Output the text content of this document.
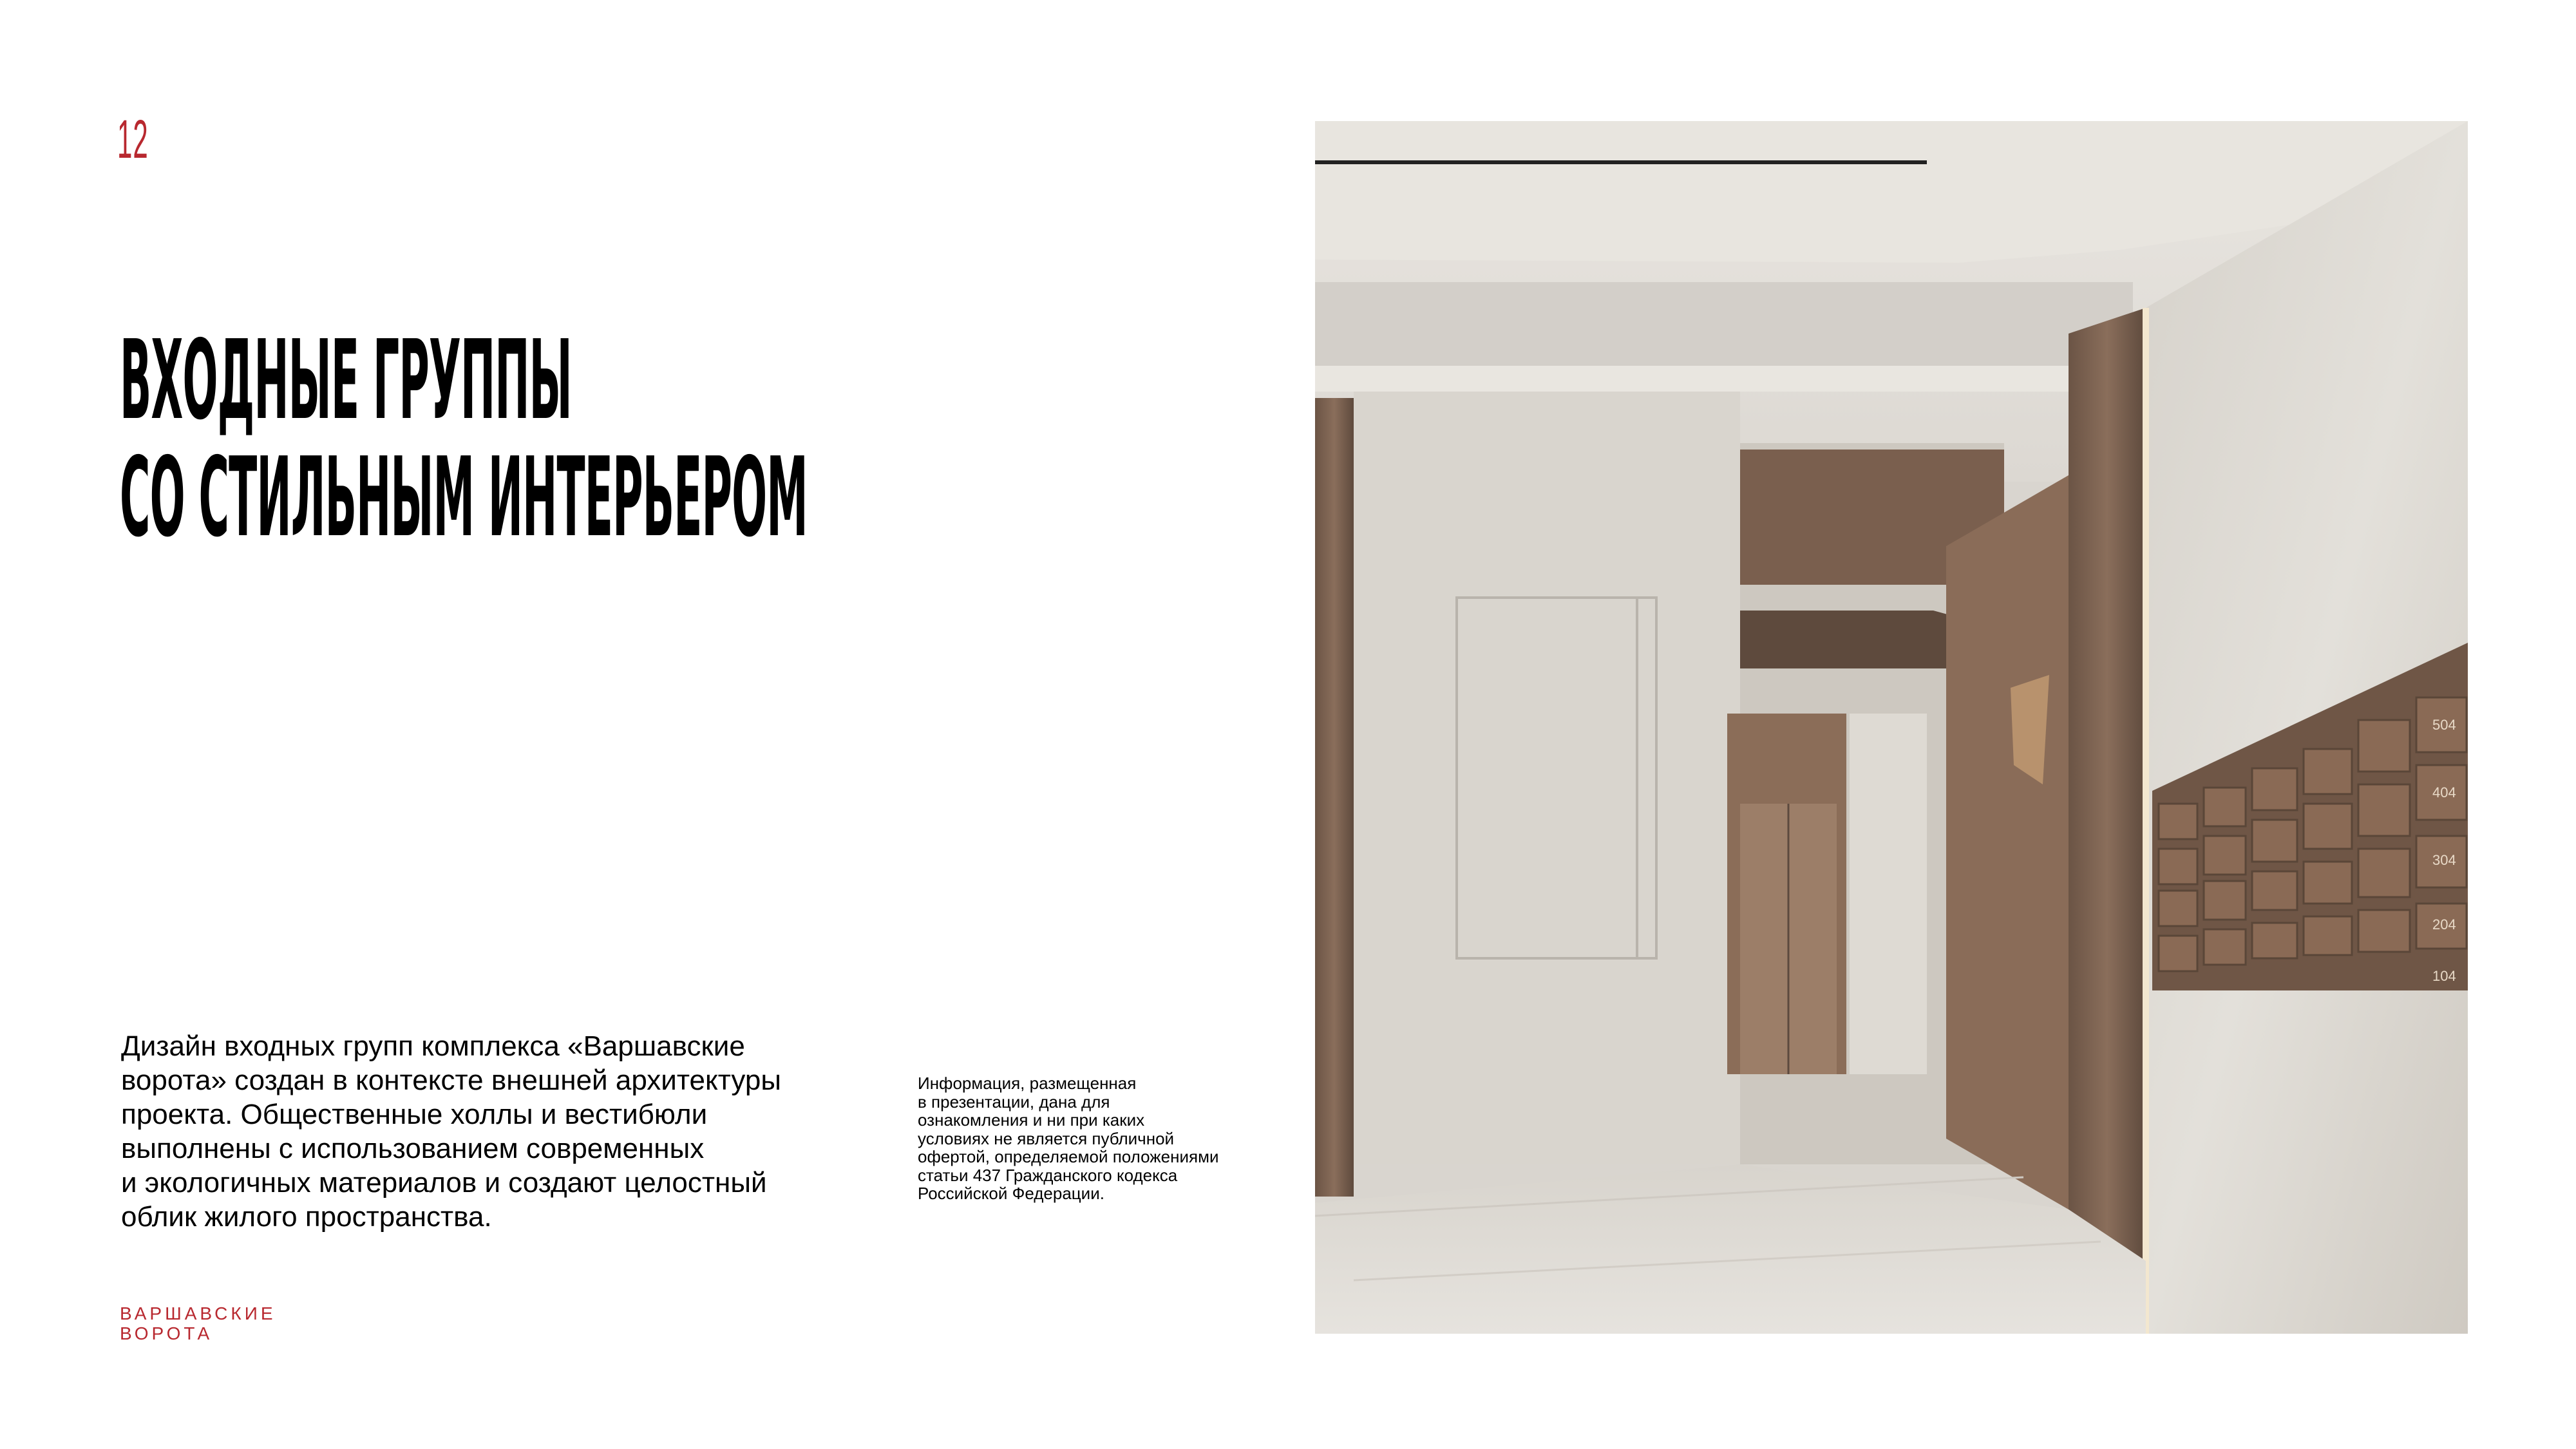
12
ВХОДНЫЕ ГРУППЫ
СО СТИЛЬНЫМ ИНТЕРЬЕРОМ
Дизайн входных групп комплекса «Варшавские
ворота» создан в контексте внешней архитектуры
проекта. Общественные холлы и вестибюли
выполнены с использованием современных
и экологичных материалов и создают целостный
облик жилого пространства.
Информация, размещенная
в презентации, дана для
ознакомления и ни при каких
условиях не является публичной
офертой, определяемой положениями
статьи 437 Гражданского кодекса
Российской Федерации.
ВАРШАВСКИЕ
ВОРОТА
504
404
304
204
104
